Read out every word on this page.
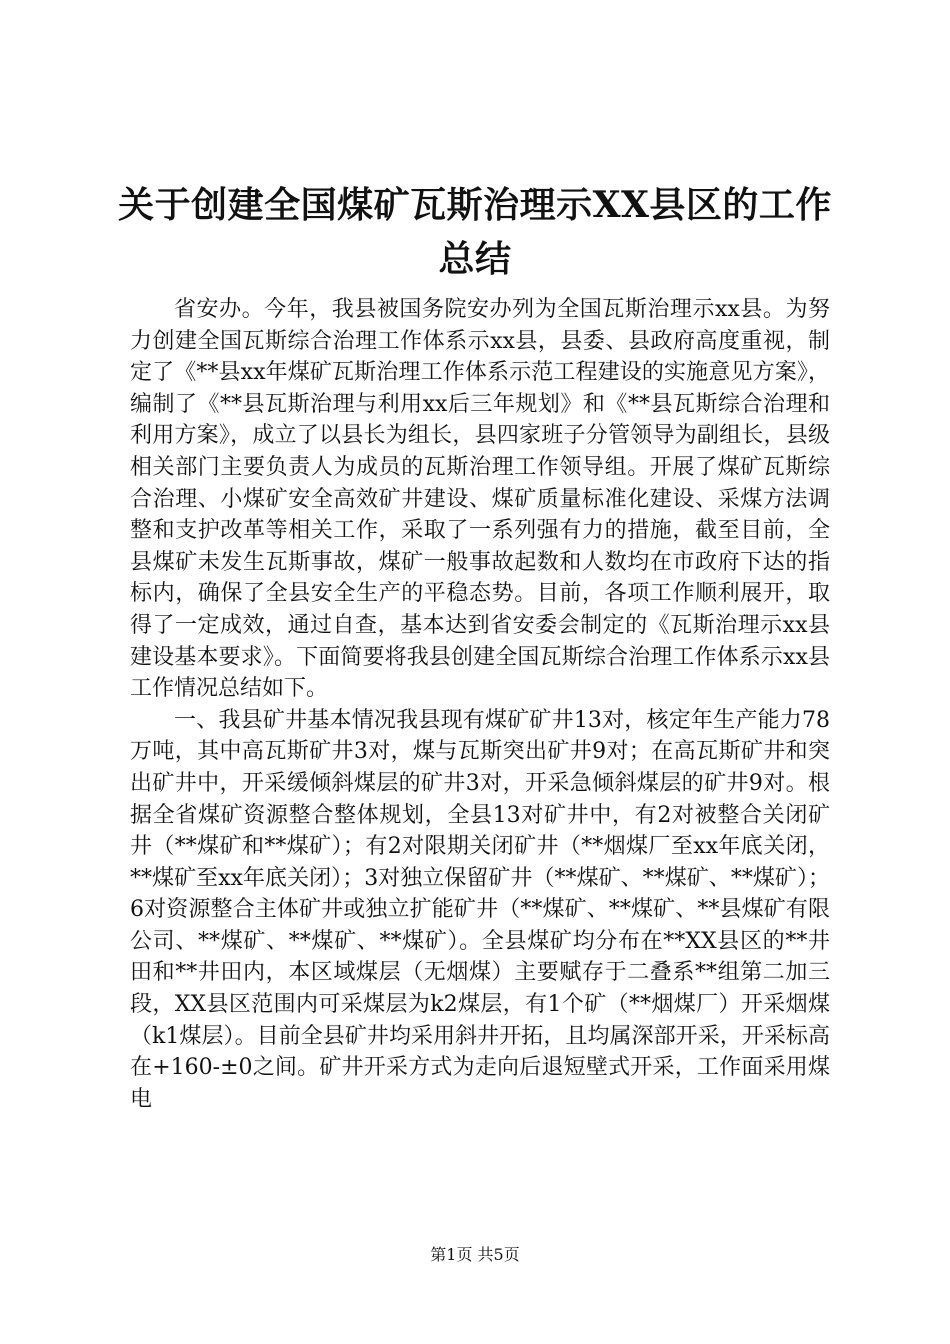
关于创建全国煤矿瓦斯治理示XX县区的工作
总结

省安办。今年，我县被国务院安办列为全国瓦斯治理示xx县。为努力创建全国瓦斯综合治理工作体系示xx县，县委、县政府高度重视，制定了《**县xx年煤矿瓦斯治理工作体系示范工程建设的实施意见方案》，编制了《**县瓦斯治理与利用xx后三年规划》和《**县瓦斯综合治理和利用方案》，成立了以县长为组长，县四家班子分管领导为副组长，县级相关部门主要负责人为成员的瓦斯治理工作领导组。开展了煤矿瓦斯综合治理、小煤矿安全高效矿井建设、煤矿质量标准化建设、采煤方法调整和支护改革等相关工作，采取了一系列强有力的措施，截至目前，全县煤矿未发生瓦斯事故，煤矿一般事故起数和人数均在市政府下达的指标内，确保了全县安全生产的平稳态势。目前，各项工作顺利展开，取得了一定成效，通过自查，基本达到省安委会制定的《瓦斯治理示xx县建设基本要求》。下面简要将我县创建全国瓦斯综合治理工作体系示xx县工作情况总结如下。

一、我县矿井基本情况我县现有煤矿矿井13对，核定年生产能力78万吨，其中高瓦斯矿井3对，煤与瓦斯突出矿井9对；在高瓦斯矿井和突出矿井中，开采缓倾斜煤层的矿井3对，开采急倾斜煤层的矿井9对。根据全省煤矿资源整合整体规划，全县13对矿井中，有2对被整合关闭矿井（**煤矿和**煤矿）；有2对限期关闭矿井（**烟煤厂至xx年底关闭，**煤矿至xx年底关闭）；3对独立保留矿井（**煤矿、**煤矿、**煤矿）；6对资源整合主体矿井或独立扩能矿井（**煤矿、**煤矿、**县煤矿有限公司、**煤矿、**煤矿、**煤矿）。全县煤矿均分布在**XX县区的**井田和**井田内，本区域煤层（无烟煤）主要赋存于二叠系**组第二加三段，XX县区范围内可采煤层为k2煤层，有1个矿（**烟煤厂）开采烟煤（k1煤层）。目前全县矿井均采用斜井开拓，且均属深部开采，开采标高在+160-±0之间。矿井开采方式为走向后退短壁式开采，工作面采用煤电

第1页 共5页
